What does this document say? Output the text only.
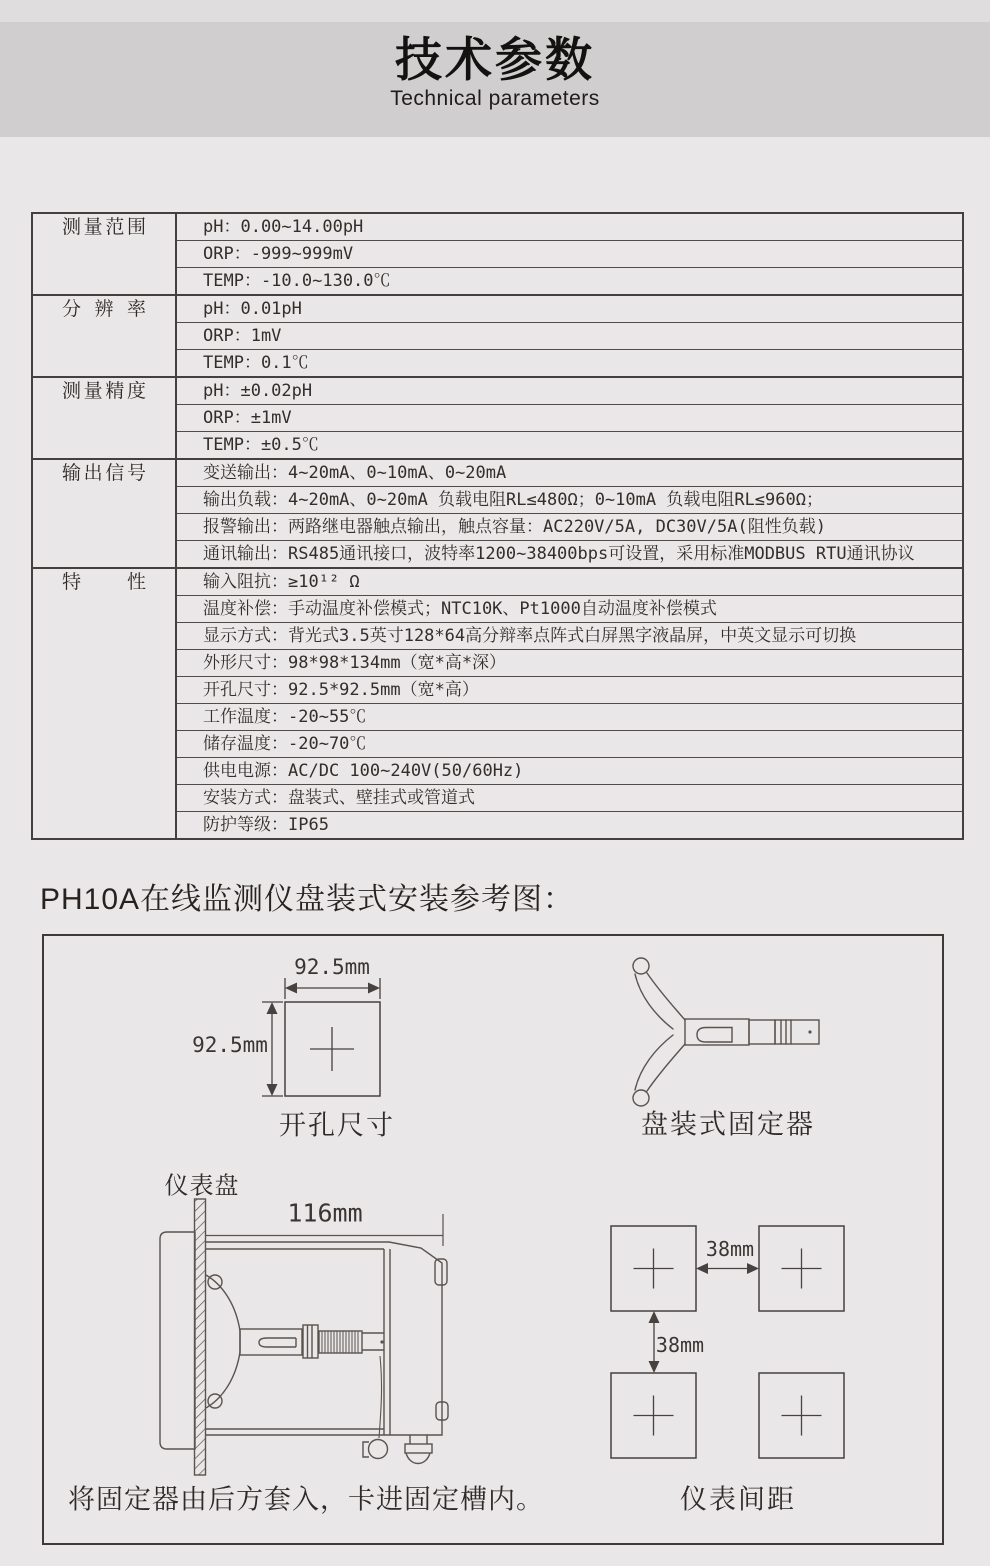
技术参数
Technical parameters
测量范围	pH：0.00~14.00pH
	ORP：-999~999mV
	TEMP：-10.0~130.0℃

分辨率	pH：0.01pH
	ORP：1mV
	TEMP：0.1℃

测量精度	pH：±0.02pH
	ORP：±1mV
	TEMP：±0.5℃

输出信号	变送输出：4~20mA、0~10mA、0~20mA
	输出负载：4~20mA、0~20mA 负载电阻RL≤480Ω；0~10mA 负载电阻RL≤960Ω；
	报警输出：两路继电器触点输出，触点容量：AC220V/5A, DC30V/5A(阻性负载)
	通讯输出：RS485通讯接口，波特率1200~38400bps可设置，采用标准MODBUS RTU通讯协议

特性	输入阻抗：≥10¹² Ω
	温度补偿：手动温度补偿模式；NTC10K、Pt1000自动温度补偿模式
	显示方式：背光式3.5英寸128*64高分辩率点阵式白屏黑字液晶屏，中英文显示可切换
	外形尺寸：98*98*134mm（宽*高*深）
	开孔尺寸：92.5*92.5mm（宽*高）
	工作温度：-20~55℃
	储存温度：-20~70℃
	供电电源：AC/DC 100~240V(50/60Hz)
	安装方式：盘装式、壁挂式或管道式
	防护等级：IP65
PH10A在线监测仪盘装式安装参考图：
92.5mm
92.5mm
开孔尺寸	盘装式固定器
仪表盘
116mm
将固定器由后方套入，卡进固定槽内。
38mm
38mm
仪表间距
